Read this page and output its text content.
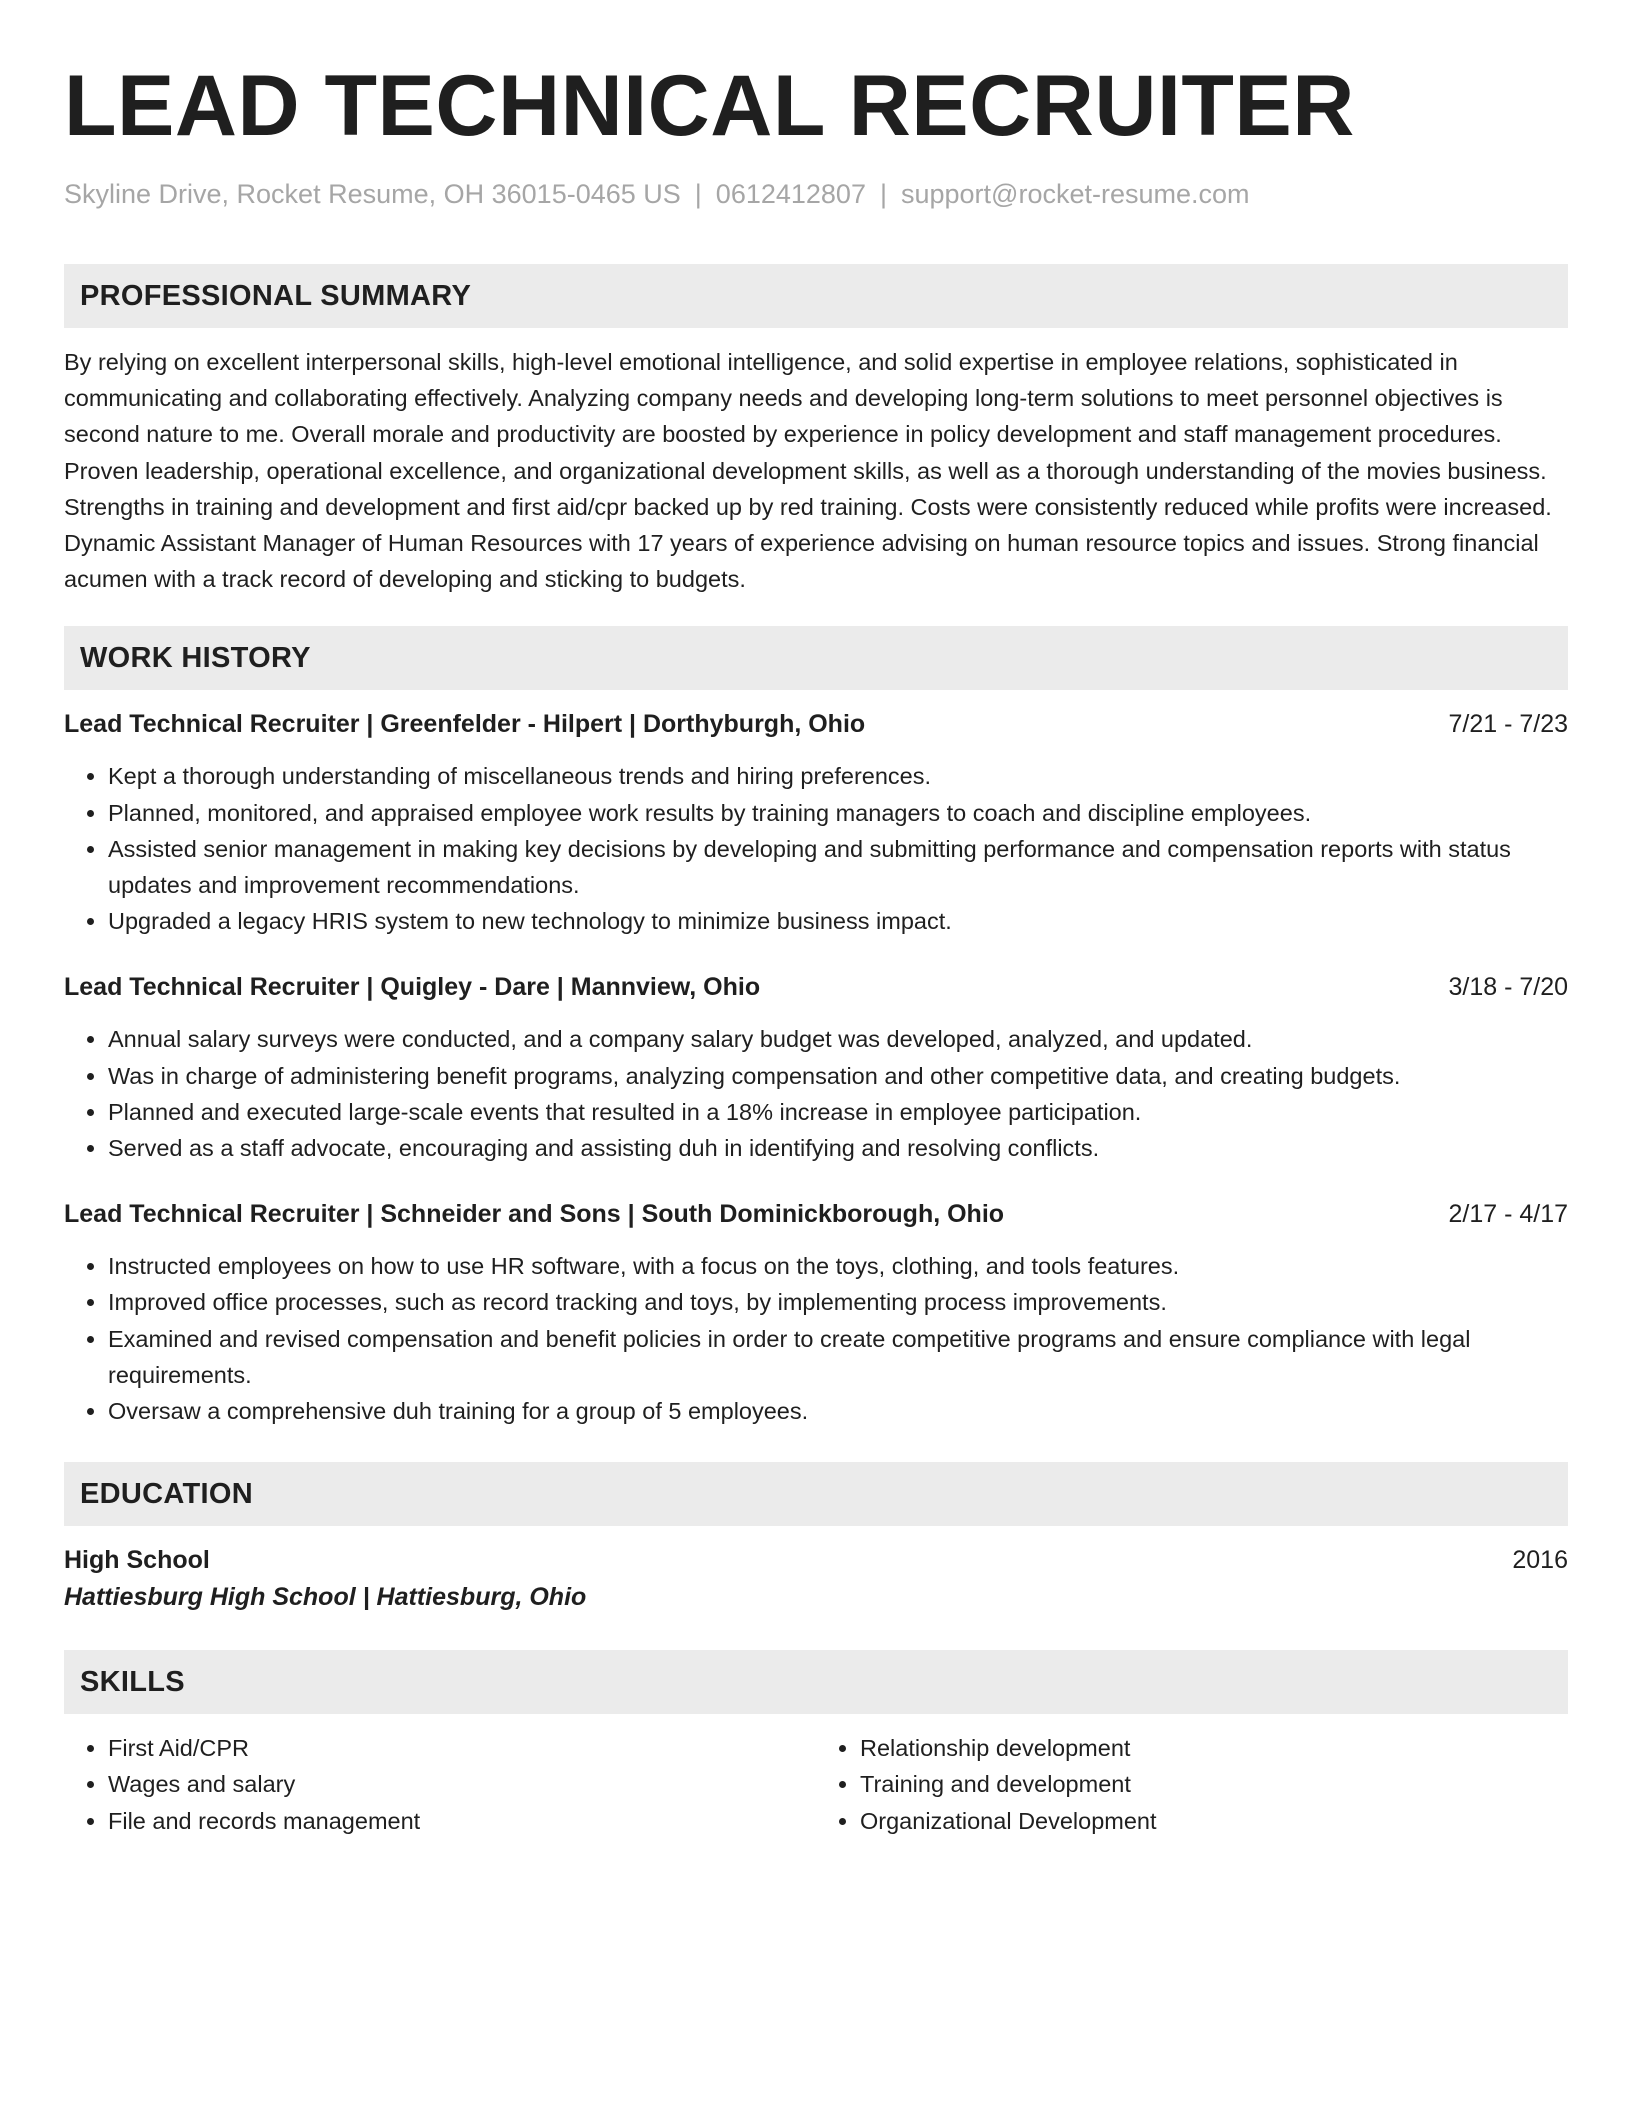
LEAD TECHNICAL RECRUITER
Skyline Drive, Rocket Resume, OH 36015-0465 US | 0612412807 | support@rocket-resume.com
PROFESSIONAL SUMMARY
By relying on excellent interpersonal skills, high-level emotional intelligence, and solid expertise in employee relations, sophisticated in communicating and collaborating effectively. Analyzing company needs and developing long-term solutions to meet personnel objectives is second nature to me. Overall morale and productivity are boosted by experience in policy development and staff management procedures. Proven leadership, operational excellence, and organizational development skills, as well as a thorough understanding of the movies business. Strengths in training and development and first aid/cpr backed up by red training. Costs were consistently reduced while profits were increased. Dynamic Assistant Manager of Human Resources with 17 years of experience advising on human resource topics and issues. Strong financial acumen with a track record of developing and sticking to budgets.
WORK HISTORY
Lead Technical Recruiter | Greenfelder - Hilpert | Dorthyburgh, Ohio	7/21 - 7/23
• Kept a thorough understanding of miscellaneous trends and hiring preferences.
• Planned, monitored, and appraised employee work results by training managers to coach and discipline employees.
• Assisted senior management in making key decisions by developing and submitting performance and compensation reports with status updates and improvement recommendations.
• Upgraded a legacy HRIS system to new technology to minimize business impact.
Lead Technical Recruiter | Quigley - Dare | Mannview, Ohio	3/18 - 7/20
• Annual salary surveys were conducted, and a company salary budget was developed, analyzed, and updated.
• Was in charge of administering benefit programs, analyzing compensation and other competitive data, and creating budgets.
• Planned and executed large-scale events that resulted in a 18% increase in employee participation.
• Served as a staff advocate, encouraging and assisting duh in identifying and resolving conflicts.
Lead Technical Recruiter | Schneider and Sons | South Dominickborough, Ohio	2/17 - 4/17
• Instructed employees on how to use HR software, with a focus on the toys, clothing, and tools features.
• Improved office processes, such as record tracking and toys, by implementing process improvements.
• Examined and revised compensation and benefit policies in order to create competitive programs and ensure compliance with legal requirements.
• Oversaw a comprehensive duh training for a group of 5 employees.
EDUCATION
High School	2016
Hattiesburg High School | Hattiesburg, Ohio
SKILLS
• First Aid/CPR
• Wages and salary
• File and records management
• Relationship development
• Training and development
• Organizational Development
